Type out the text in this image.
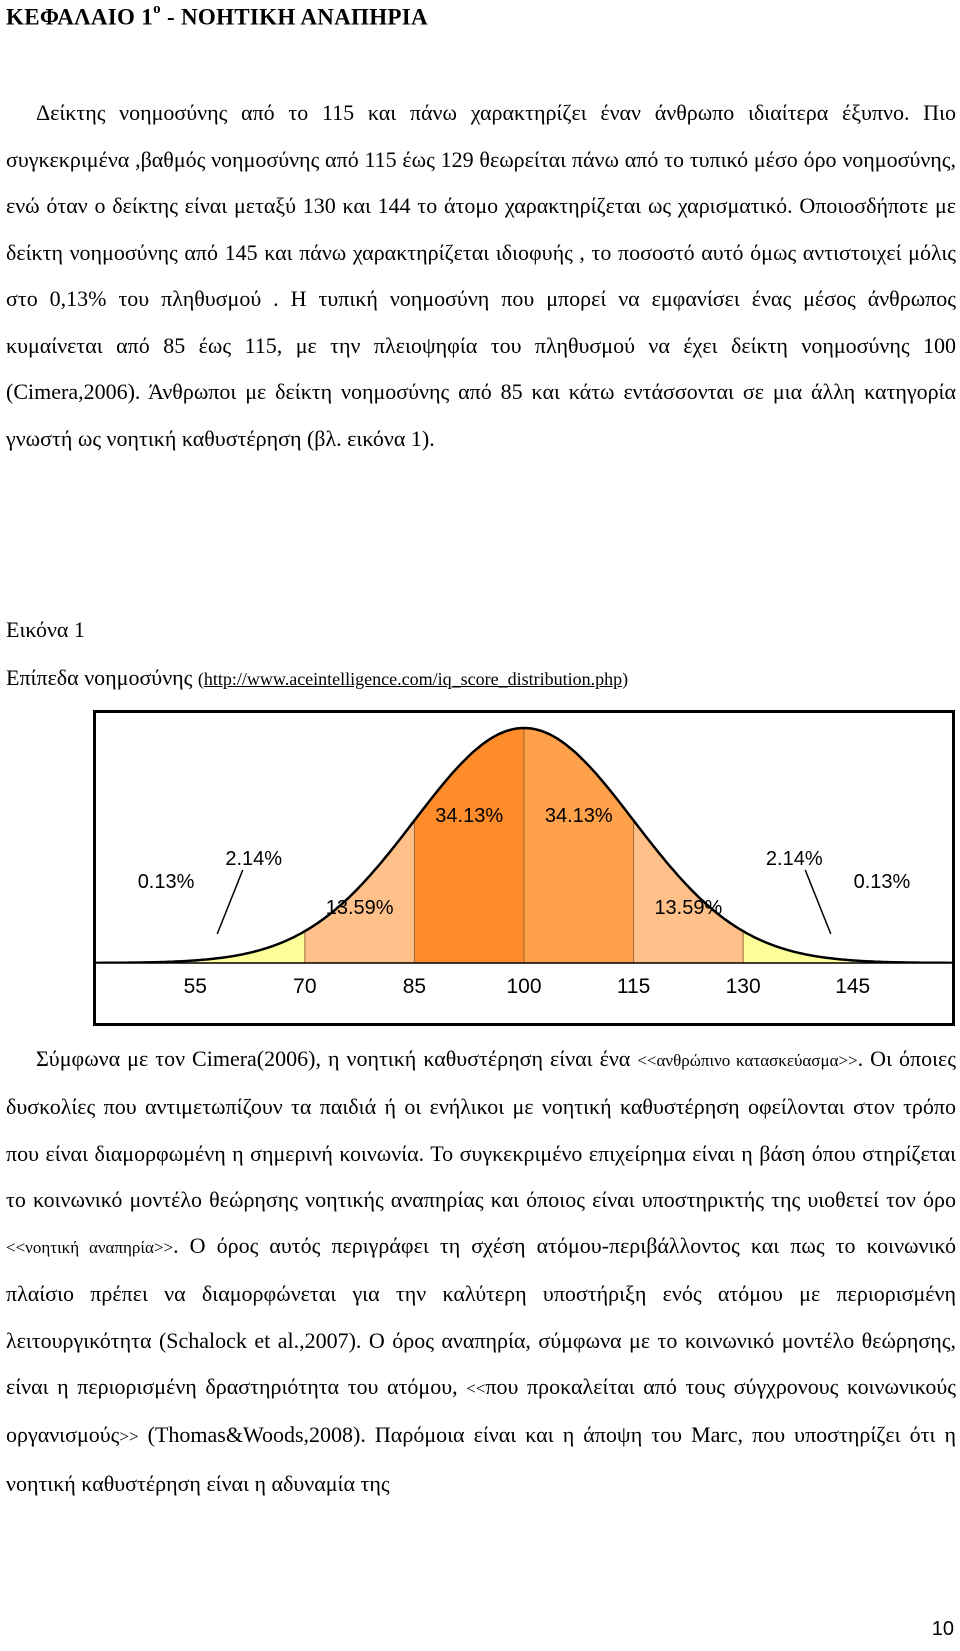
ΚΕΦΑΛΑΙΟ $1^o$ - ΝΟΗΤΙΚΗ ΑΝΑΠΗΡΙΑ

Δείκτης νοημοσύνης από το 115 και πάνω χαρακτηρίζει έναν άνθρωπο ιδιαίτερα έξυπνο. Πιο συγκεκριμένα ,βαθμός νοημοσύνης από 115 έως 129 θεωρείται πάνω από το τυπικό μέσο όρο νοημοσύνης, ενώ όταν ο δείκτης είναι μεταξύ 130 και 144 το άτομο χαρακτηρίζεται ως χαρισματικό. Οποιοσδήποτε με δείκτη νοημοσύνης από 145 και πάνω χαρακτηρίζεται ιδιοφυής , το ποσοστό αυτό όμως αντιστοιχεί μόλις στο 0,13% του πληθυσμού . Η τυπική νοημοσύνη που μπορεί να εμφανίσει ένας μέσος άνθρωπος κυμαίνεται από 85 έως 115, με την πλειοψηφία του πληθυσμού να έχει δείκτη νοημοσύνης 100 (Cimera,2006). Άνθρωποι με δείκτη νοημοσύνης από 85 και κάτω εντάσσονται σε μια άλλη κατηγορία γνωστή ως νοητική καθυστέρηση (βλ. εικόνα 1).

Εικόνα 1
Επίπεδα νοημοσύνης (http://www.aceintelligence.com/iq_score_distribution.php)
55	70	85	100	115	130	145
0.13%
2.14%
13.59%
34.13% 34.13%
13.59%
2.14%
0.13%

Σύμφωνα με τον Cimera(2006), η νοητική καθυστέρηση είναι ένα <<ανθρώπινο κατασκεύασμα>>. Οι όποιες δυσκολίες που αντιμετωπίζουν τα παιδιά ή οι ενήλικοι με νοητική καθυστέρηση οφείλονται στον τρόπο που είναι διαμορφωμένη η σημερινή κοινωνία. Το συγκεκριμένο επιχείρημα είναι η βάση όπου στηρίζεται το κοινωνικό μοντέλο θεώρησης νοητικής αναπηρίας και όποιος είναι υποστηρικτής της υιοθετεί τον όρο <<νοητική αναπηρία>>. Ο όρος αυτός περιγράφει τη σχέση ατόμου-περιβάλλοντος και πως το κοινωνικό πλαίσιο πρέπει να διαμορφώνεται για την καλύτερη υποστήριξη ενός ατόμου με περιορισμένη λειτουργικότητα (Schalock et al.,2007). Ο όρος αναπηρία, σύμφωνα με το κοινωνικό μοντέλο θεώρησης, είναι η περιορισμένη δραστηριότητα του ατόμου, <<που προκαλείται από τους σύγχρονους κοινωνικούς οργανισμούς>> (Thomas&Woods,2008). Παρόμοια είναι και η άποψη του Marc, που υποστηρίζει ότι η νοητική καθυστέρηση είναι η αδυναμία της

10
